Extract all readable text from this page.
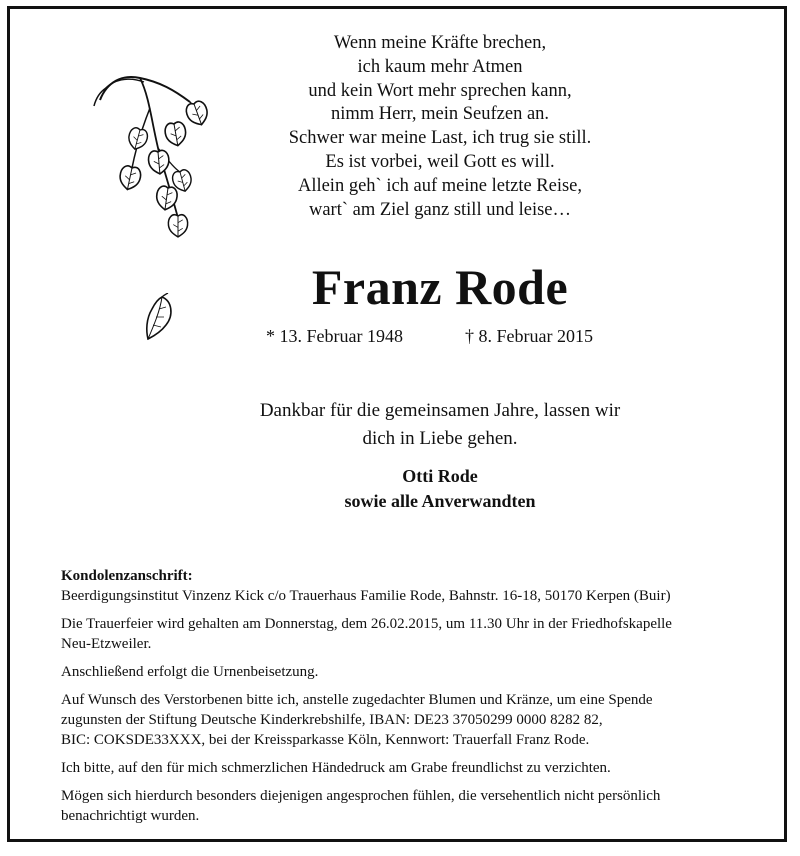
Wenn meine Kräfte brechen,
ich kaum mehr Atmen
und kein Wort mehr sprechen kann,
nimm Herr, mein Seufzen an.
Schwer war meine Last, ich trug sie still.
Es ist vorbei, weil Gott es will.
Allein geh` ich auf meine letzte Reise,
wart` am Ziel ganz still und leise…
Franz Rode
* 13. Februar 1948	† 8. Februar 2015
Dankbar für die gemeinsamen Jahre, lassen wir
dich in Liebe gehen.
Otti Rode
sowie alle Anverwandten

Kondolenzanschrift:

Beerdigungsinstitut Vinzenz Kick c/o Trauerhaus Familie Rode, Bahnstr. 16-18, 50170 Kerpen (Buir)

Die Trauerfeier wird gehalten am Donnerstag, dem 26.02.2015, um 11.30 Uhr in der Friedhofskapelle

Neu-Etzweiler.

Anschließend erfolgt die Urnenbeisetzung.

Auf Wunsch des Verstorbenen bitte ich, anstelle zugedachter Blumen und Kränze, um eine Spende

zugunsten der Stiftung Deutsche Kinderkrebshilfe, IBAN: DE23 37050299 0000 8282 82,

BIC: COKSDE33XXX, bei der Kreissparkasse Köln, Kennwort: Trauerfall Franz Rode.

Ich bitte, auf den für mich schmerzlichen Händedruck am Grabe freundlichst zu verzichten.

Mögen sich hierdurch besonders diejenigen angesprochen fühlen, die versehentlich nicht persönlich

benachrichtigt wurden.
